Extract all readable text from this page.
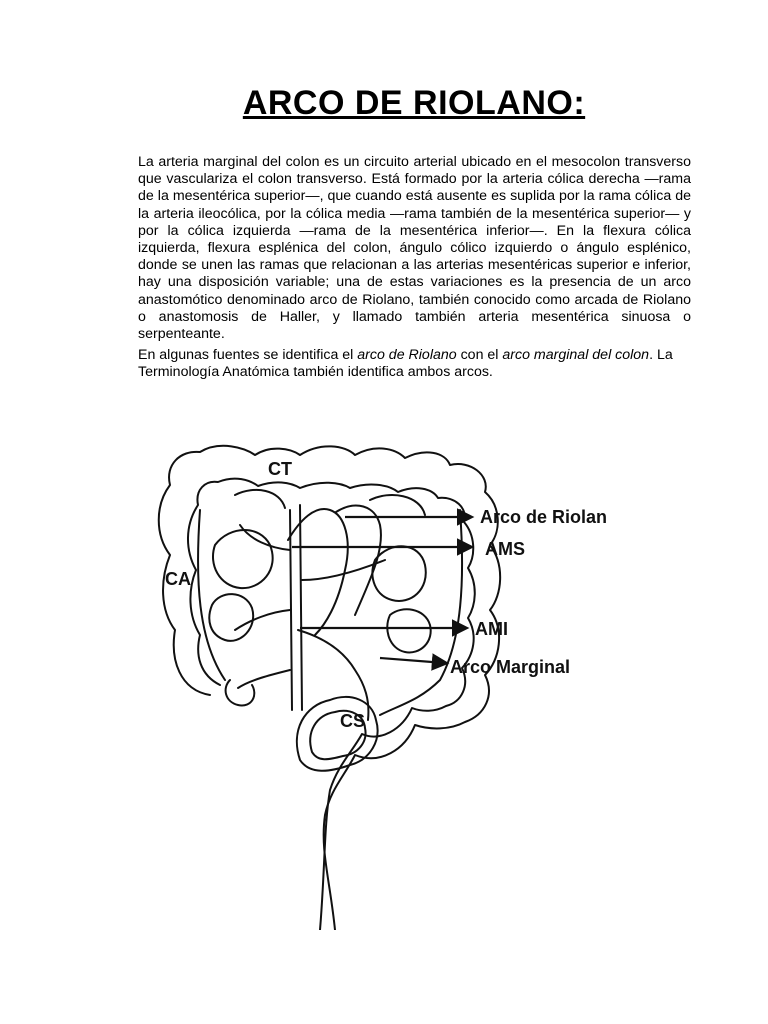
ARCO DE RIOLANO:

La arteria marginal del colon es un circuito arterial ubicado en el mesocolon transverso que vasculariza el colon transverso. Está formado por la arteria cólica derecha —rama de la mesentérica superior—, que cuando está ausente es suplida por la rama cólica de la arteria ileocólica, por la cólica media —rama también de la mesentérica superior— y por la cólica izquierda —rama de la mesentérica inferior—. En la flexura cólica izquierda, flexura esplénica del colon, ángulo cólico izquierdo o ángulo esplénico, donde se unen las ramas que relacionan a las arterias mesentéricas superior e inferior, hay una disposición variable; una de estas variaciones es la presencia de un arco anastomótico denominado arco de Riolano, también conocido como arcada de Riolano o anastomosis de Haller, y llamado también arteria mesentérica sinuosa o serpenteante.

En algunas fuentes se identifica el arco de Riolano con el arco marginal del colon. La Terminología Anatómica también identifica ambos arcos.

CT
CA
CS
Arco de Riolan
AMS
AMI
Arco Marginal
